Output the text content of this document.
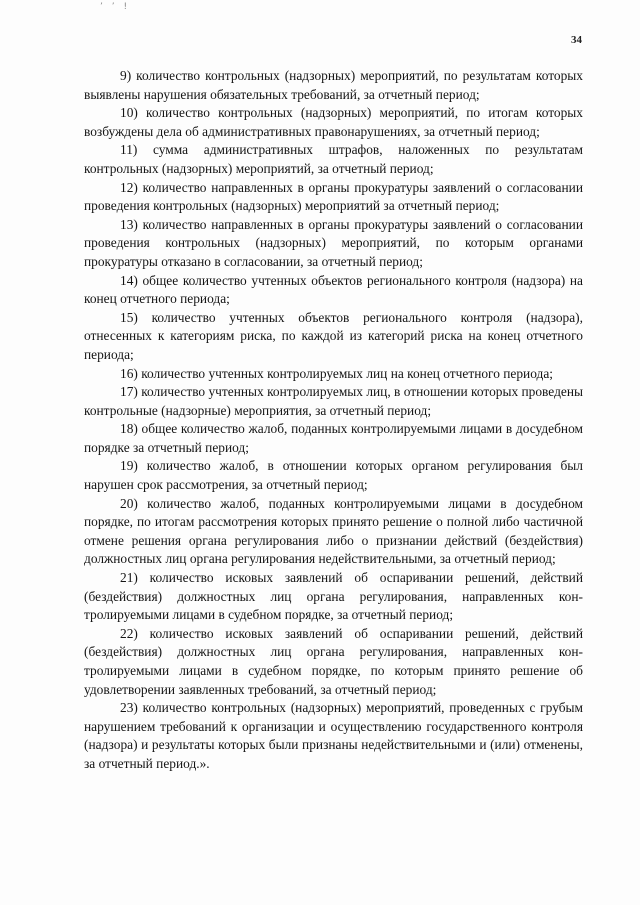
’ ’ !
34

9) количество контрольных (надзорных) мероприятий, по результатам которых выявлены нарушения обязательных требований, за отчетный период;

10) количество контрольных (надзорных) мероприятий, по итогам которых возбуждены дела об административных правонарушениях, за отчетный период;

11) сумма административных штрафов, наложенных по результатам контрольных (надзорных) мероприятий, за отчетный период;

12) количество направленных в органы прокуратуры заявлений о согласовании проведения контрольных (надзорных) мероприятий за отчетный период;

13) количество направленных в органы прокуратуры заявлений о согласовании проведения контрольных (надзорных) мероприятий, по которым органами прокуратуры отказано в согласовании, за отчетный период;

14) общее количество учтенных объектов регионального контроля (надзора) на конец отчетного периода;

15) количество учтенных объектов регионального контроля (надзора), отнесенных к категориям риска, по каждой из категорий риска на конец отчетного периода;

16) количество учтенных контролируемых лиц на конец отчетного периода;

17) количество учтенных контролируемых лиц, в отношении которых проведены контрольные (надзорные) мероприятия, за отчетный период;

18) общее количество жалоб, поданных контролируемыми лицами в досудебном порядке за отчетный период;

19) количество жалоб, в отношении которых органом регулирования был нарушен срок рассмотрения, за отчетный период;

20) количество жалоб, поданных контролируемыми лицами в досудебном порядке, по итогам рассмотрения которых принято решение о полной либо частичной отмене решения органа регулирования либо о признании действий (бездействия) должностных лиц органа регулирования недействительными, за отчетный период;

21) количество исковых заявлений об оспаривании решений, действий (бездействия) должностных лиц органа регулирования, направленных контролируемыми лицами в судебном порядке, за отчетный период;

22) количество исковых заявлений об оспаривании решений, действий (бездействия) должностных лиц органа регулирования, направленных контролируемыми лицами в судебном порядке, по которым принято решение об удовлетворении заявленных требований, за отчетный период;

23) количество контрольных (надзорных) мероприятий, проведенных с грубым нарушением требований к организации и осуществлению государственного контроля (надзора) и результаты которых были признаны недействительными и (или) отменены, за отчетный период.».
